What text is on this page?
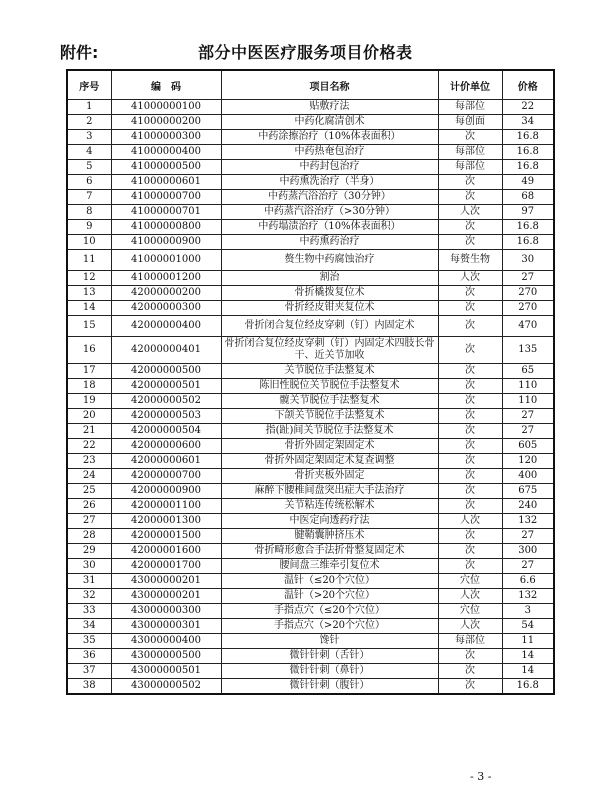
附件:	部分中医医疗服务项目价格表
序号	编　码	项目名称	计价单位	价格
1	41000000100	贴敷疗法	每部位	22
2	41000000200	中药化腐清创术	每创面	34
3	41000000300	中药涂擦治疗（10%体表面积）	次	16.8
4	41000000400	中药热奄包治疗	每部位	16.8
5	41000000500	中药封包治疗	每部位	16.8
6	41000000601	中药熏洗治疗（半身）	次	49
7	41000000700	中药蒸汽浴治疗（30分钟）	次	68
8	41000000701	中药蒸汽浴治疗（>30分钟）	人次	97
9	41000000800	中药塌渍治疗（10%体表面积）	次	16.8
10	41000000900	中药熏药治疗	次	16.8
11	41000001000	赘生物中药腐蚀治疗	每赘生物	30
12	41000001200	割治	人次	27
13	42000000200	骨折橇拨复位术	次	270
14	42000000300	骨折经皮钳夹复位术	次	270
15	42000000400	骨折闭合复位经皮穿刺（钉）内固定术	次	470
16	42000000401	骨折闭合复位经皮穿刺（钉）内固定术四肢长骨干、近关节加收	次	135
17	42000000500	关节脱位手法整复术	次	65
18	42000000501	陈旧性脱位关节脱位手法整复术	次	110
19	42000000502	髋关节脱位手法整复术	次	110
20	42000000503	下颌关节脱位手法整复术	次	27
21	42000000504	指(趾)间关节脱位手法整复术	次	27
22	42000000600	骨折外固定架固定术	次	605
23	42000000601	骨折外固定架固定术复查调整	次	120
24	42000000700	骨折夹板外固定	次	400
25	42000000900	麻醉下腰椎间盘突出症大手法治疗	次	675
26	42000001100	关节粘连传统松解术	次	240
27	42000001300	中医定向透药疗法	人次	132
28	42000001500	腱鞘囊肿挤压术	次	27
29	42000001600	骨折畸形愈合手法折骨整复固定术	次	300
30	42000001700	腰间盘三维牵引复位术	次	27
31	43000000201	温针（≤20个穴位）	穴位	6.6
32	43000000201	温针（>20个穴位）	人次	132
33	43000000300	手指点穴（≤20个穴位）	穴位	3
34	43000000301	手指点穴（>20个穴位）	人次	54
35	43000000400	馋针	每部位	11
36	43000000500	微针针刺（舌针）	次	14
37	43000000501	微针针刺（鼻针）	次	14
38	43000000502	微针针刺（腹针）	次	16.8
- 3 -
